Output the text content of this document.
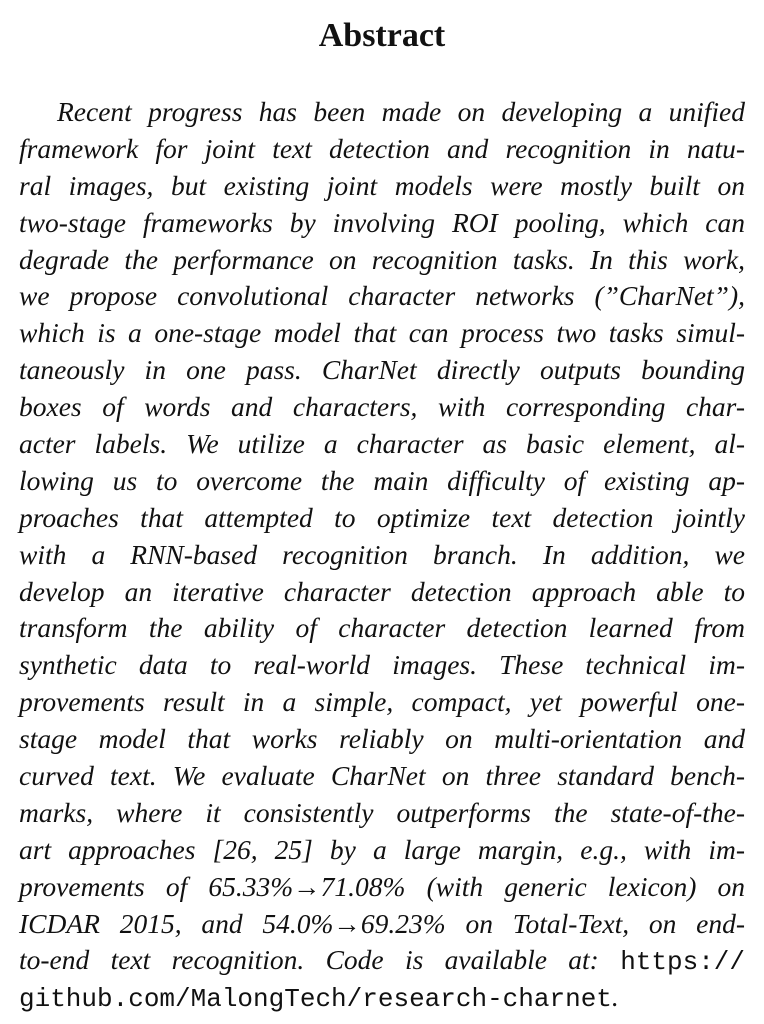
Abstract
Recent progress has been made on developing a unified
framework for joint text detection and recognition in natu-
ral images, but existing joint models were mostly built on
two-stage frameworks by involving ROI pooling, which can
degrade the performance on recognition tasks. In this work,
we propose convolutional character networks (”CharNet”),
which is a one-stage model that can process two tasks simul-
taneously in one pass. CharNet directly outputs bounding
boxes of words and characters, with corresponding char-
acter labels. We utilize a character as basic element, al-
lowing us to overcome the main difficulty of existing ap-
proaches that attempted to optimize text detection jointly
with a RNN-based recognition branch. In addition, we
develop an iterative character detection approach able to
transform the ability of character detection learned from
synthetic data to real-world images. These technical im-
provements result in a simple, compact, yet powerful one-
stage model that works reliably on multi-orientation and
curved text. We evaluate CharNet on three standard bench-
marks, where it consistently outperforms the state-of-the-
art approaches [26, 25] by a large margin, e.g., with im-
provements of 65.33%→71.08% (with generic lexicon) on
ICDAR 2015, and 54.0%→69.23% on Total-Text, on end-
to-end text recognition. Code is available at: https://
github.com/MalongTech/research-charnet.
